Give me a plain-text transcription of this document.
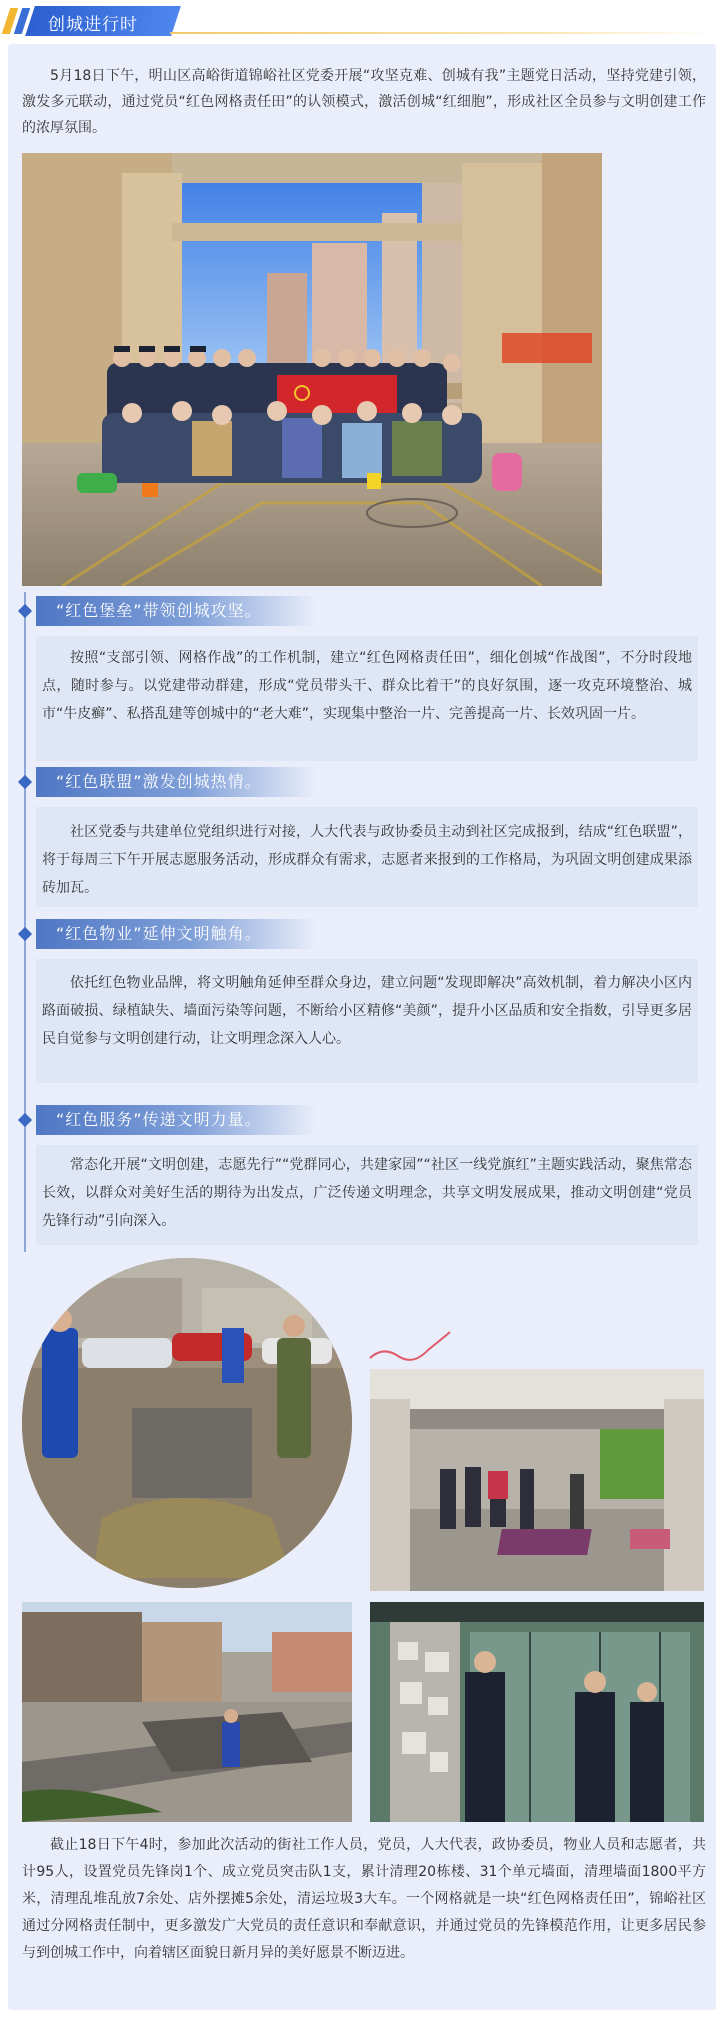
创城进行时
5月18日下午，明山区高峪街道锦峪社区党委开展“攻坚克难、创城有我”主题党日活动，坚持党建引领，激发多元联动，通过党员“红色网格责任田”的认领模式，激活创城“红细胞”，形成社区全员参与文明创建工作的浓厚氛围。
“红色堡垒”带领创城攻坚。
按照“支部引领、网格作战”的工作机制，建立“红色网格责任田”，细化创城“作战图”，不分时段地点，随时参与。以党建带动群建，形成“党员带头干、群众比着干”的良好氛围，逐一攻克环境整治、城市“牛皮癣”、私搭乱建等创城中的“老大难”，实现集中整治一片、完善提高一片、长效巩固一片。
“红色联盟”激发创城热情。
社区党委与共建单位党组织进行对接，人大代表与政协委员主动到社区完成报到，结成“红色联盟”，将于每周三下午开展志愿服务活动，形成群众有需求，志愿者来报到的工作格局，为巩固文明创建成果添砖加瓦。
“红色物业”延伸文明触角。
依托红色物业品牌，将文明触角延伸至群众身边，建立问题“发现即解决”高效机制，着力解决小区内路面破损、绿植缺失、墙面污染等问题，不断给小区精修“美颜”，提升小区品质和安全指数，引导更多居民自觉参与文明创建行动，让文明理念深入人心。
“红色服务”传递文明力量。
常态化开展“文明创建，志愿先行”“党群同心，共建家园”“社区一线党旗红”主题实践活动，聚焦常态长效，以群众对美好生活的期待为出发点，广泛传递文明理念，共享文明发展成果，推动文明创建“党员先锋行动”引向深入。
截止18日下午4时，参加此次活动的街社工作人员，党员，人大代表，政协委员，物业人员和志愿者，共计95人，设置党员先锋岗1个、成立党员突击队1支，累计清理20栋楼、31个单元墙面，清理墙面1800平方米，清理乱堆乱放7余处、店外摆摊5余处，清运垃圾3大车。一个网格就是一块“红色网格责任田”，锦峪社区通过分网格责任制中，更多激发广大党员的责任意识和奉献意识，并通过党员的先锋模范作用，让更多居民参与到创城工作中，向着辖区面貌日新月异的美好愿景不断迈进。
